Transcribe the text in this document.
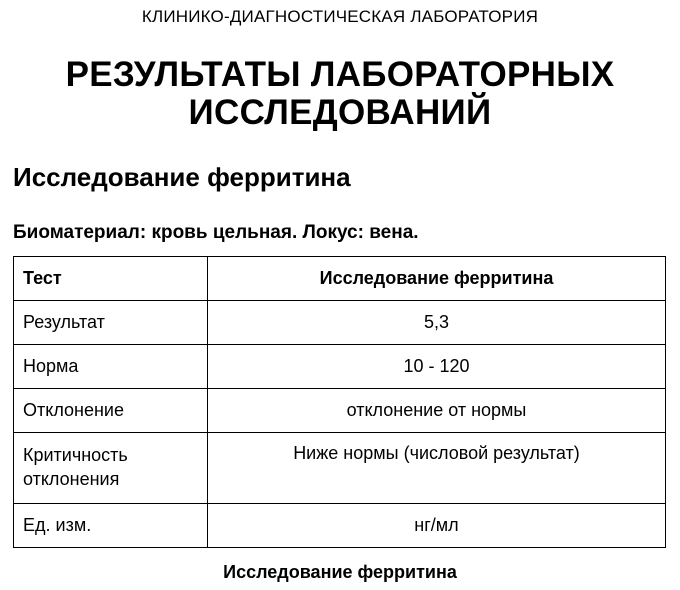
КЛИНИКО-ДИАГНОСТИЧЕСКАЯ ЛАБОРАТОРИЯ
РЕЗУЛЬТАТЫ ЛАБОРАТОРНЫХ
ИССЛЕДОВАНИЙ
Исследование ферритина
Биоматериал: кровь цельная. Локус: вена.
Тест	Исследование ферритина
Результат	5,3
Норма	10 - 120
Отклонение	отклонение от нормы

Критичность
отклонения	Ниже нормы (числовой результат)
Ед. изм.	нг/мл
Исследование ферритина
